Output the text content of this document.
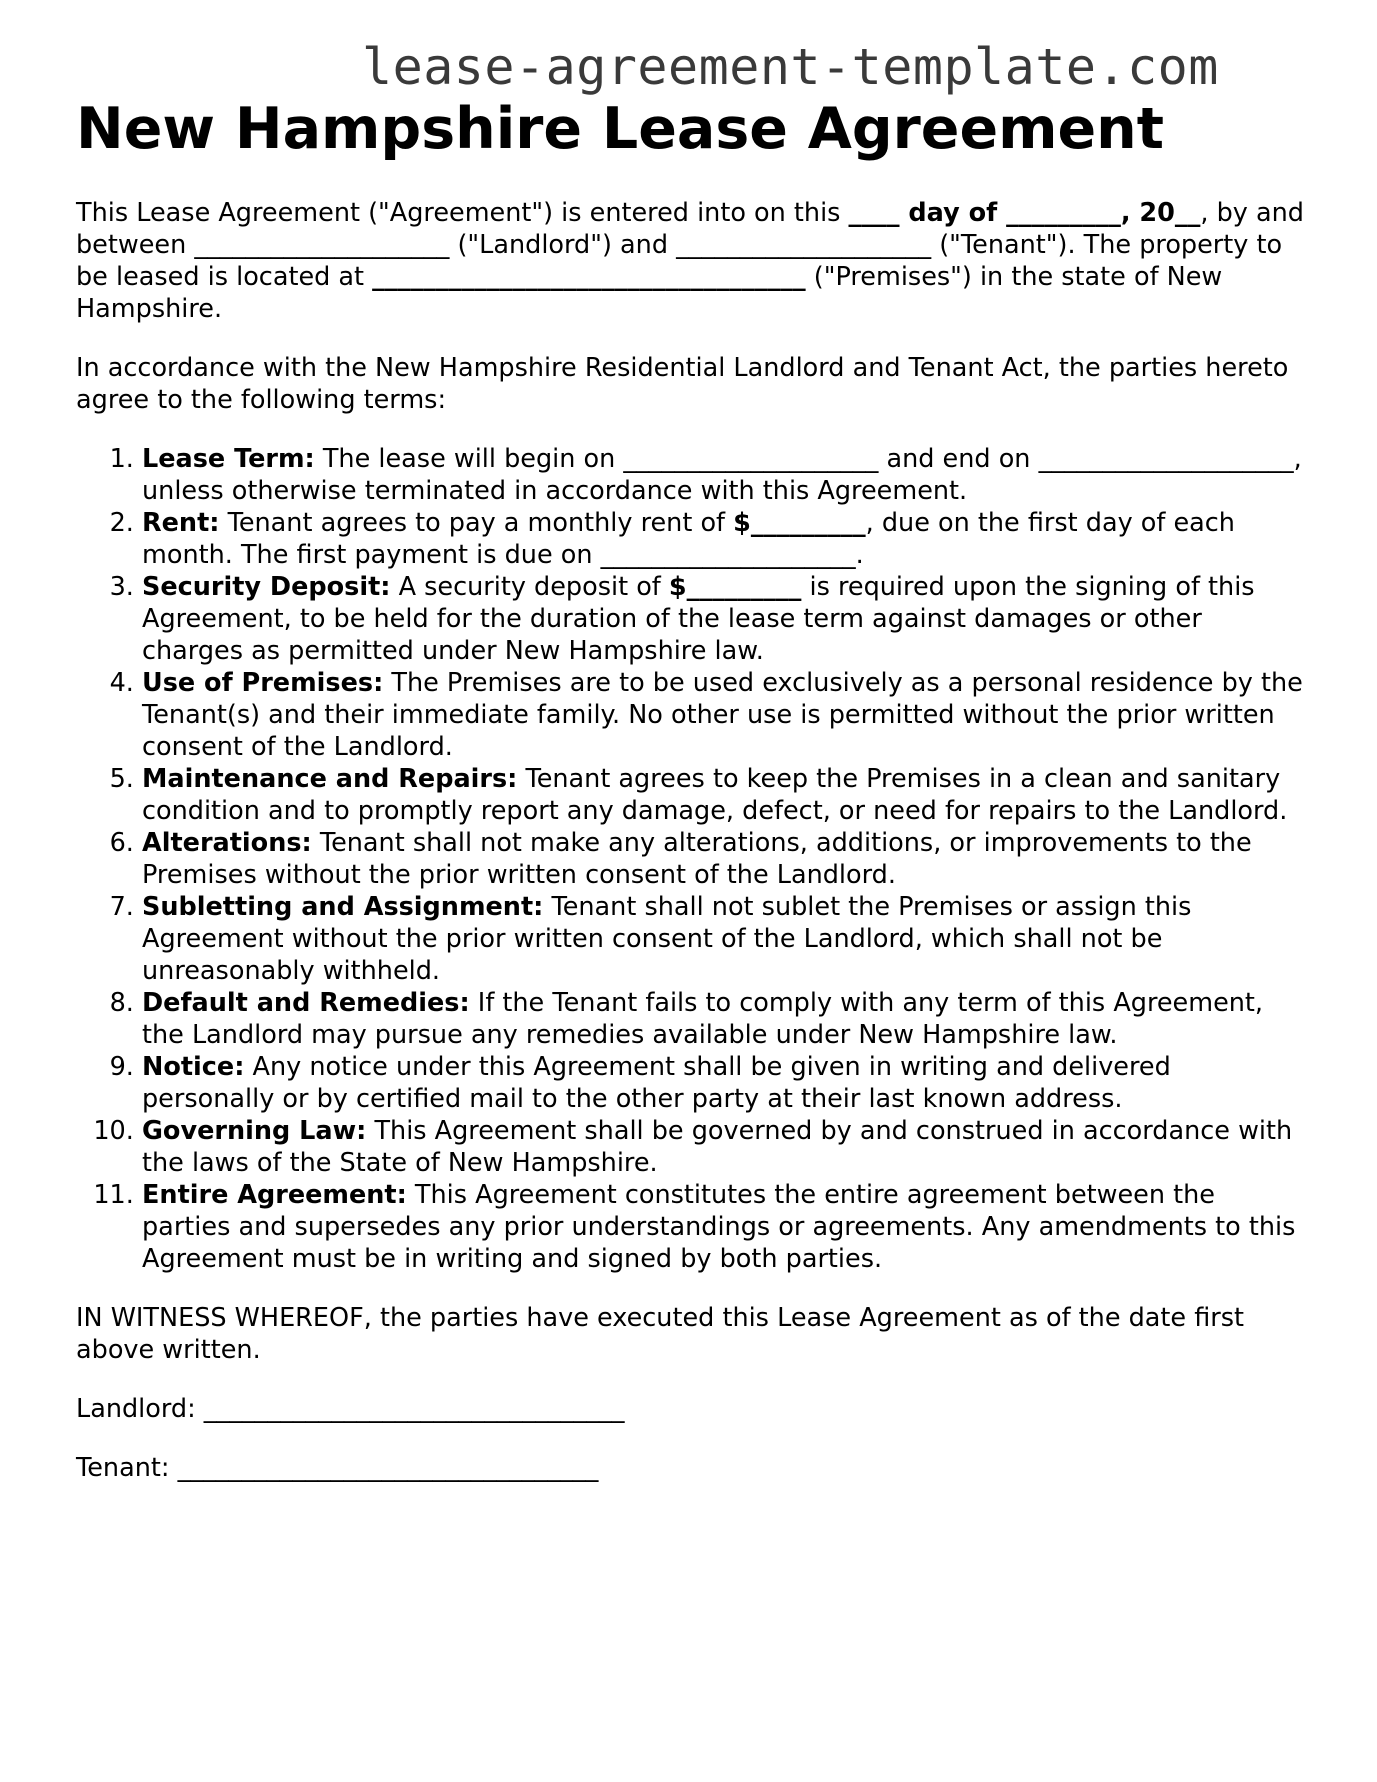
lease-agreement-template.com
New Hampshire Lease Agreement

This Lease Agreement ("Agreement") is entered into on this ____ day of _________, 20__, by and between ____________________ ("Landlord") and ____________________ ("Tenant"). The property to be leased is located at __________________________________ ("Premises") in the state of New Hampshire.

In accordance with the New Hampshire Residential Landlord and Tenant Act, the parties hereto agree to the following terms:

1. Lease Term: The lease will begin on ____________________ and end on ____________________, unless otherwise terminated in accordance with this Agreement.
2. Rent: Tenant agrees to pay a monthly rent of $_________, due on the first day of each month. The first payment is due on ____________________.
3. Security Deposit: A security deposit of $_________ is required upon the signing of this Agreement, to be held for the duration of the lease term against damages or other charges as permitted under New Hampshire law.
4. Use of Premises: The Premises are to be used exclusively as a personal residence by the Tenant(s) and their immediate family. No other use is permitted without the prior written consent of the Landlord.
5. Maintenance and Repairs: Tenant agrees to keep the Premises in a clean and sanitary condition and to promptly report any damage, defect, or need for repairs to the Landlord.
6. Alterations: Tenant shall not make any alterations, additions, or improvements to the Premises without the prior written consent of the Landlord.
7. Subletting and Assignment: Tenant shall not sublet the Premises or assign this Agreement without the prior written consent of the Landlord, which shall not be unreasonably withheld.
8. Default and Remedies: If the Tenant fails to comply with any term of this Agreement, the Landlord may pursue any remedies available under New Hampshire law.
9. Notice: Any notice under this Agreement shall be given in writing and delivered personally or by certified mail to the other party at their last known address.
10. Governing Law: This Agreement shall be governed by and construed in accordance with the laws of the State of New Hampshire.
11. Entire Agreement: This Agreement constitutes the entire agreement between the parties and supersedes any prior understandings or agreements. Any amendments to this Agreement must be in writing and signed by both parties.

IN WITNESS WHEREOF, the parties have executed this Lease Agreement as of the date first above written.

Landlord: _________________________________

Tenant: _________________________________
